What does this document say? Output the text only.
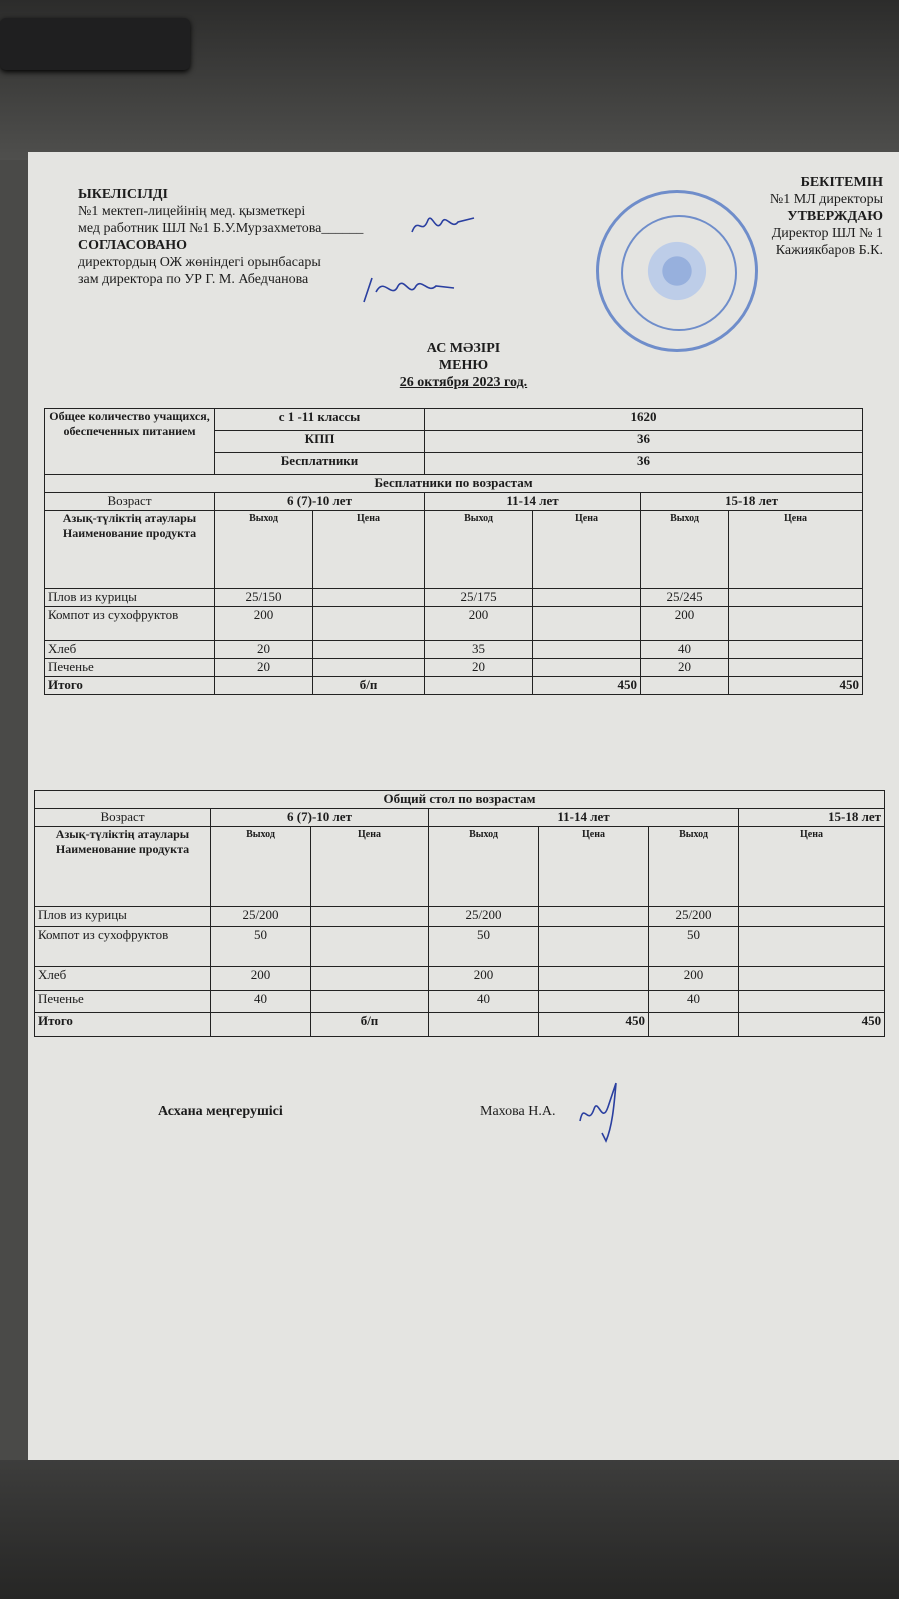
ЫКЕЛІСІЛДІ
№1 мектеп-лицейінің мед. қызметкері
мед работник ШЛ №1 Б.У.Мурзахметова______
СОГЛАСОВАНО
директордың ОЖ жөніндегі орынбасары
зам директора по УР Г. М. Абедчанова
БЕКІТЕМІН
№1 МЛ директоры
УТВЕРЖДАЮ
Директор ШЛ № 1
Кажиякбаров Б.К.
АС МӘЗІРІ
МЕНЮ
26 октября 2023 год.
Общее количество учащихся, обеспеченных питанием	с 1 -11 классы		1620			
	КПП		36			
	Бесплатники		36			
Бесплатники по возрастам						
Возраст	6 (7)-10 лет		11-14 лет		15-18 лет	
Азық-түліктің атаулары Наименование продукта	Выход	Цена	Выход	Цена	Выход	Цена
Плов из курицы	25/150		25/175		25/245	
Компот из сухофруктов	200		200		200	
Хлеб	20		35		40	
Печенье	20		20		20	
Итого		б/п		450		450
Общий стол по возрастам						
Возраст	6 (7)-10 лет		11-14 лет			15-18 лет
Азық-түліктің атаулары Наименование продукта	Выход	Цена	Выход	Цена	Выход	Цена
Плов из курицы	25/200		25/200		25/200	
Компот из сухофруктов	50		50		50	
Хлеб	200		200		200	
Печенье	40		40		40	
Итого		б/п		450		450
Асхана меңгерушісі	Махова Н.А.
